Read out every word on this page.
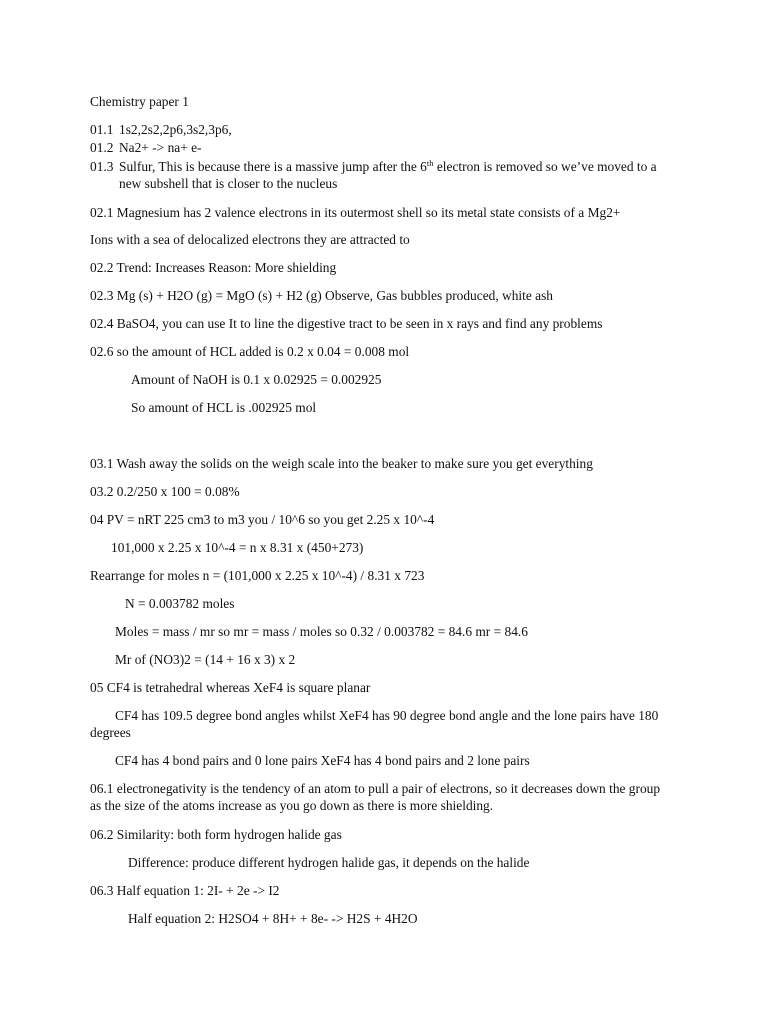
Chemistry paper 1
01.1 1s2,2s2,2p6,3s2,3p6,
01.2 Na2+ -> na+ e-
01.3 Sulfur, This is because there is a massive jump after the 6th electron is removed so we’ve moved to a
new subshell that is closer to the nucleus
02.1 Magnesium has 2 valence electrons in its outermost shell so its metal state consists of a Mg2+
Ions with a sea of delocalized electrons they are attracted to
02.2 Trend: Increases Reason: More shielding
02.3 Mg (s) + H2O (g) = MgO (s) + H2 (g) Observe, Gas bubbles produced, white ash
02.4 BaSO4, you can use It to line the digestive tract to be seen in x rays and find any problems
02.6 so the amount of HCL added is 0.2 x 0.04 = 0.008 mol
Amount of NaOH is 0.1 x 0.02925 = 0.002925
So amount of HCL is .002925 mol
03.1 Wash away the solids on the weigh scale into the beaker to make sure you get everything
03.2 0.2/250 x 100 = 0.08%
04 PV = nRT 225 cm3 to m3 you / 10^6 so you get 2.25 x 10^-4
101,000 x 2.25 x 10^-4 = n x 8.31 x (450+273)
Rearrange for moles n = (101,000 x 2.25 x 10^-4) / 8.31 x 723
N = 0.003782 moles
Moles = mass / mr so mr = mass / moles so 0.32 / 0.003782 = 84.6 mr = 84.6
Mr of (NO3)2 = (14 + 16 x 3) x 2
05 CF4 is tetrahedral whereas XeF4 is square planar
CF4 has 109.5 degree bond angles whilst XeF4 has 90 degree bond angle and the lone pairs have 180 degrees
CF4 has 4 bond pairs and 0 lone pairs XeF4 has 4 bond pairs and 2 lone pairs
06.1 electronegativity is the tendency of an atom to pull a pair of electrons, so it decreases down the group as the size of the atoms increase as you go down as there is more shielding.
06.2 Similarity: both form hydrogen halide gas
Difference: produce different hydrogen halide gas, it depends on the halide
06.3 Half equation 1: 2I- + 2e -> I2
Half equation 2: H2SO4 + 8H+ + 8e- -> H2S + 4H2O
